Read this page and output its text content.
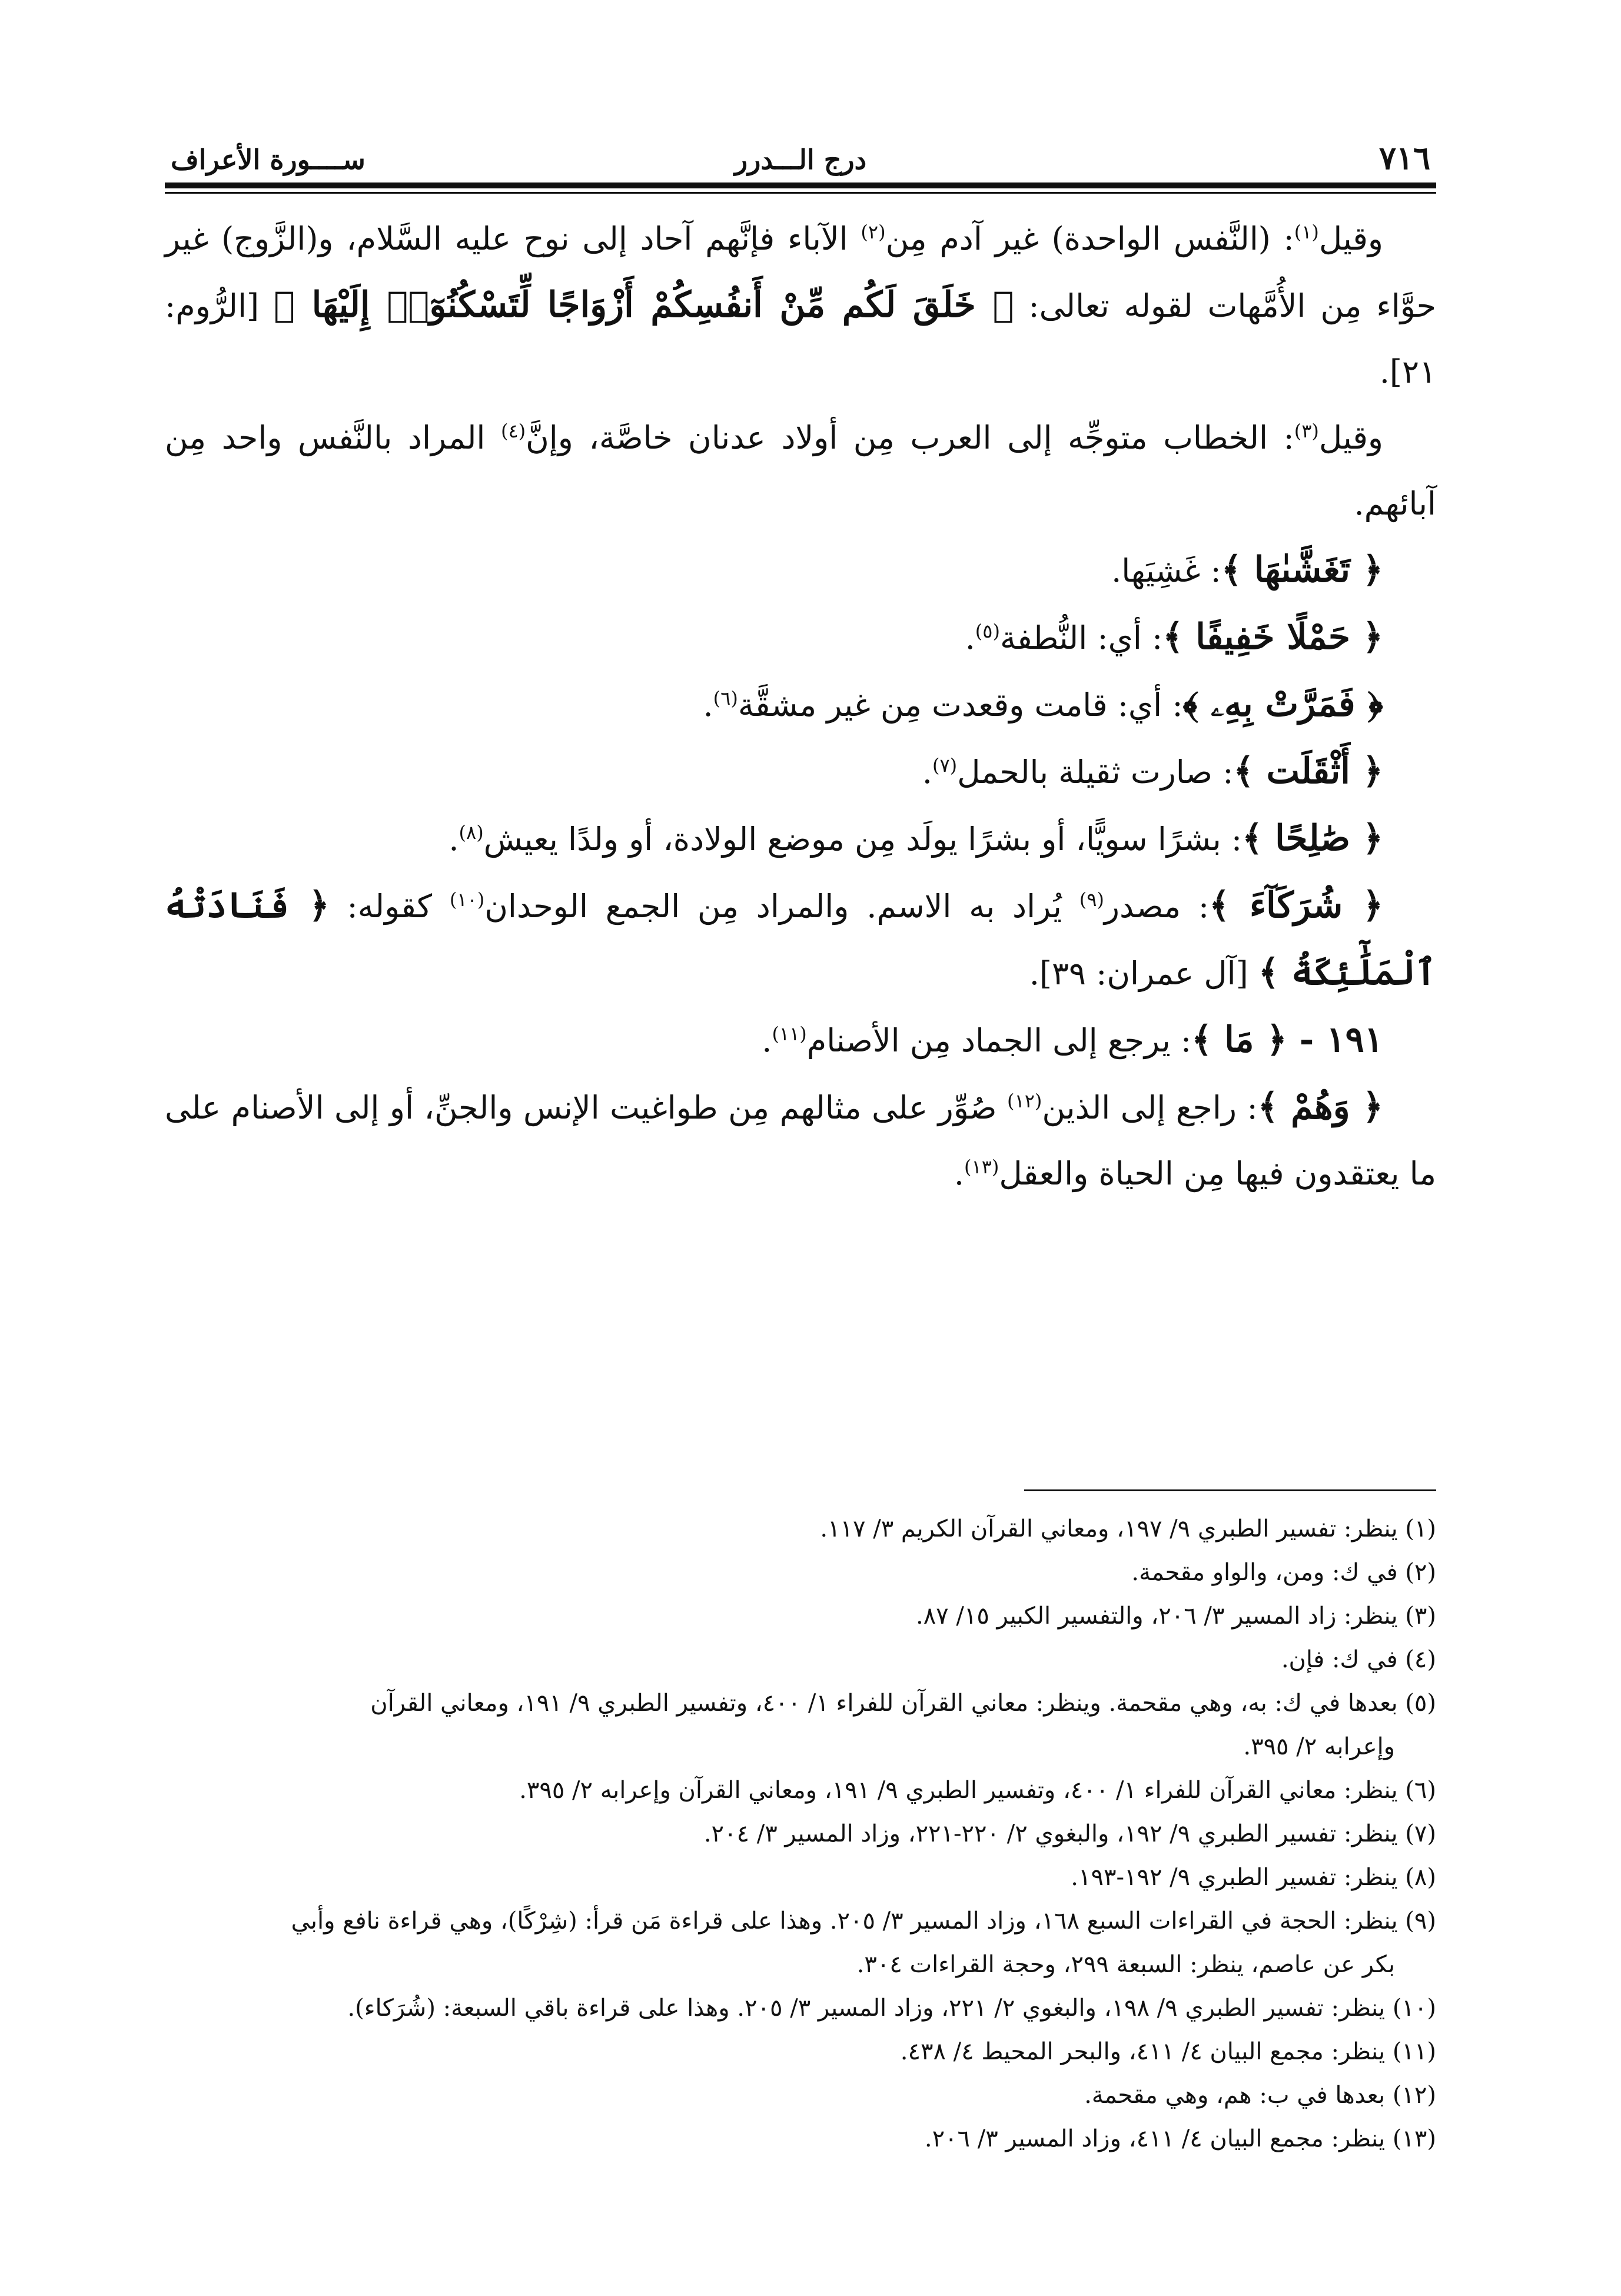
٧١٦
درج الـــدرر
ســــورة الأعراف

وقيل$^{(١)}$: (النَّفس الواحدة) غير آدم مِن$^{(٢)}$ الآباء فإنَّهم آحاد إلى نوح عليه السَّلام، و(الزَّوج) غير حوَّاء مِن الأُمَّهات لقوله تعالى: ﴿ خَلَقَ لَكُم مِّنْ أَنفُسِكُمْ أَزْوَاجًا لِّتَسْكُنُوٓا۟ إِلَيْهَا ﴾ [الرُّوم: ٢١].

وقيل$^{(٣)}$: الخطاب متوجِّه إلى العرب مِن أولاد عدنان خاصَّة، وإنَّ$^{(٤)}$ المراد بالنَّفس واحد مِن آبائهم.

﴿ تَغَشَّىٰهَا ﴾: غَشِيَها.

﴿ حَمْلًا خَفِيفًا ﴾: أي: النُّطفة$^{(٥)}$.

﴿ فَمَرَّتْ بِهِۦ ﴾: أي: قامت وقعدت مِن غير مشقَّة$^{(٦)}$.

﴿ أَثْقَلَت ﴾: صارت ثقيلة بالحمل$^{(٧)}$.

﴿ صَٰلِحًا ﴾: بشرًا سويًّا، أو بشرًا يولَد مِن موضع الولادة، أو ولدًا يعيش$^{(٨)}$.

﴿ شُرَكَآءَ ﴾: مصدر$^{(٩)}$ يُراد به الاسم. والمراد مِن الجمع الوحدان$^{(١٠)}$ كقوله: ﴿ فَنَادَتْهُ ٱلْمَلَٰٓئِكَةُ ﴾ [آل عمران: ٣٩].

١٩١ - ﴿ مَا ﴾: يرجع إلى الجماد مِن الأصنام$^{(١١)}$.

﴿ وَهُمْ ﴾: راجع إلى الذين$^{(١٢)}$ صُوِّر على مثالهم مِن طواغيت الإنس والجنِّ، أو إلى الأصنام على ما يعتقدون فيها مِن الحياة والعقل$^{(١٣)}$.

(١) ينظر: تفسير الطبري ٩/ ١٩٧، ومعاني القرآن الكريم ٣/ ١١٧.

(٢) في ك: ومن، والواو مقحمة.

(٣) ينظر: زاد المسير ٣/ ٢٠٦، والتفسير الكبير ١٥/ ٨٧.

(٤) في ك: فإن.

(٥) بعدها في ك: به، وهي مقحمة. وينظر: معاني القرآن للفراء ١/ ٤٠٠، وتفسير الطبري ٩/ ١٩١، ومعاني القرآن
وإعرابه ٢/ ٣٩٥.

(٦) ينظر: معاني القرآن للفراء ١/ ٤٠٠، وتفسير الطبري ٩/ ١٩١، ومعاني القرآن وإعرابه ٢/ ٣٩٥.

(٧) ينظر: تفسير الطبري ٩/ ١٩٢، والبغوي ٢/ ٢٢٠-٢٢١، وزاد المسير ٣/ ٢٠٤.

(٨) ينظر: تفسير الطبري ٩/ ١٩٢-١٩٣.

(٩) ينظر: الحجة في القراءات السبع ١٦٨، وزاد المسير ٣/ ٢٠٥. وهذا على قراءة مَن قرأ: (شِرْكًا)، وهي قراءة نافع وأبي
بكر عن عاصم، ينظر: السبعة ٢٩٩، وحجة القراءات ٣٠٤.

(١٠) ينظر: تفسير الطبري ٩/ ١٩٨، والبغوي ٢/ ٢٢١، وزاد المسير ٣/ ٢٠٥. وهذا على قراءة باقي السبعة: (شُرَكاء).

(١١) ينظر: مجمع البيان ٤/ ٤١١، والبحر المحيط ٤/ ٤٣٨.

(١٢) بعدها في ب: هم، وهي مقحمة.

(١٣) ينظر: مجمع البيان ٤/ ٤١١، وزاد المسير ٣/ ٢٠٦.
